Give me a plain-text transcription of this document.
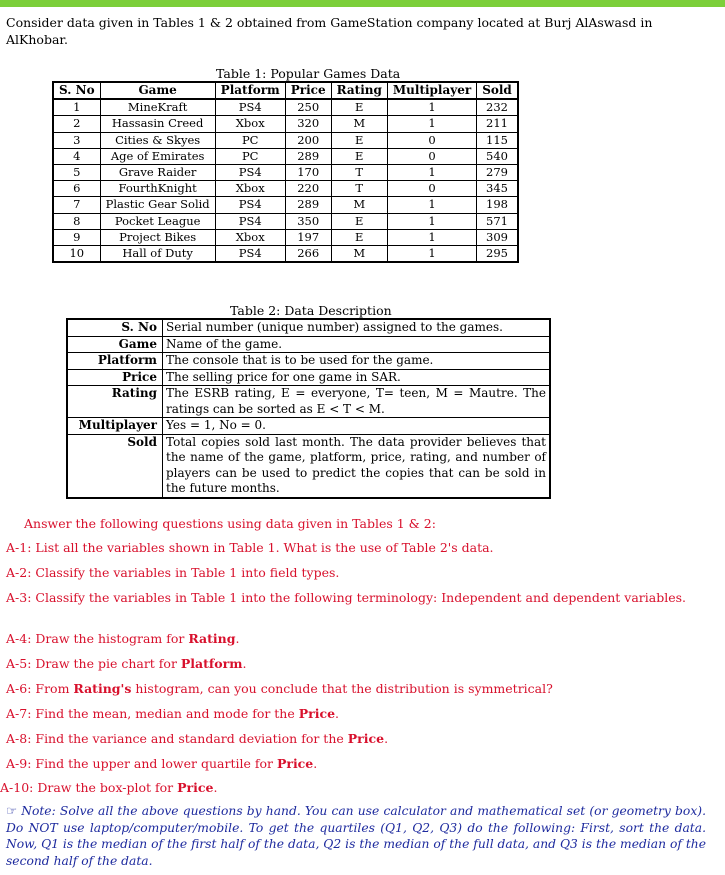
Consider data given in Tables 1 & 2 obtained from GameStation company located at Burj AlAswasd in AlKhobar.
Table 1: Popular Games Data
S. No	Game	Platform	Price	Rating	Multiplayer	Sold
1	MineKraft	PS4	250	E	1	232
2	Hassasin Creed	Xbox	320	M	1	211
3	Cities & Skyes	PC	200	E	0	115
4	Age of Emirates	PC	289	E	0	540
5	Grave Raider	PS4	170	T	1	279
6	FourthKnight	Xbox	220	T	0	345
7	Plastic Gear Solid	PS4	289	M	1	198
8	Pocket League	PS4	350	E	1	571
9	Project Bikes	Xbox	197	E	1	309
10	Hall of Duty	PS4	266	M	1	295
Table 2: Data Description
S. No	Serial number (unique number) assigned to the games.
Game	Name of the game.
Platform	The console that is to be used for the game.
Price	The selling price for one game in SAR.
Rating	The ESRB rating, E = everyone, T= teen, M = Mautre. The ratings can be sorted as E < T < M.
Multiplayer	Yes = 1, No = 0.
Sold	Total copies sold last month. The data provider believes that the name of the game, platform, price, rating, and number of players can be used to predict the copies that can be sold in the future months.
Answer the following questions using data given in Tables 1 & 2:
A-1: List all the variables shown in Table 1. What is the use of Table 2's data.
A-2: Classify the variables in Table 1 into field types.
A-3: Classify the variables in Table 1 into the following terminology: Independent and dependent variables.
A-4: Draw the histogram for Rating.
A-5: Draw the pie chart for Platform.
A-6: From Rating's histogram, can you conclude that the distribution is symmetrical?
A-7: Find the mean, median and mode for the Price.
A-8: Find the variance and standard deviation for the Price.
A-9: Find the upper and lower quartile for Price.
A-10: Draw the box-plot for Price.
☞ Note: Solve all the above questions by hand. You can use calculator and mathematical set (or geometry box). Do NOT use laptop/computer/mobile. To get the quartiles (Q1, Q2, Q3) do the following: First, sort the data. Now, Q1 is the median of the first half of the data, Q2 is the median of the full data, and Q3 is the median of the second half of the data.
